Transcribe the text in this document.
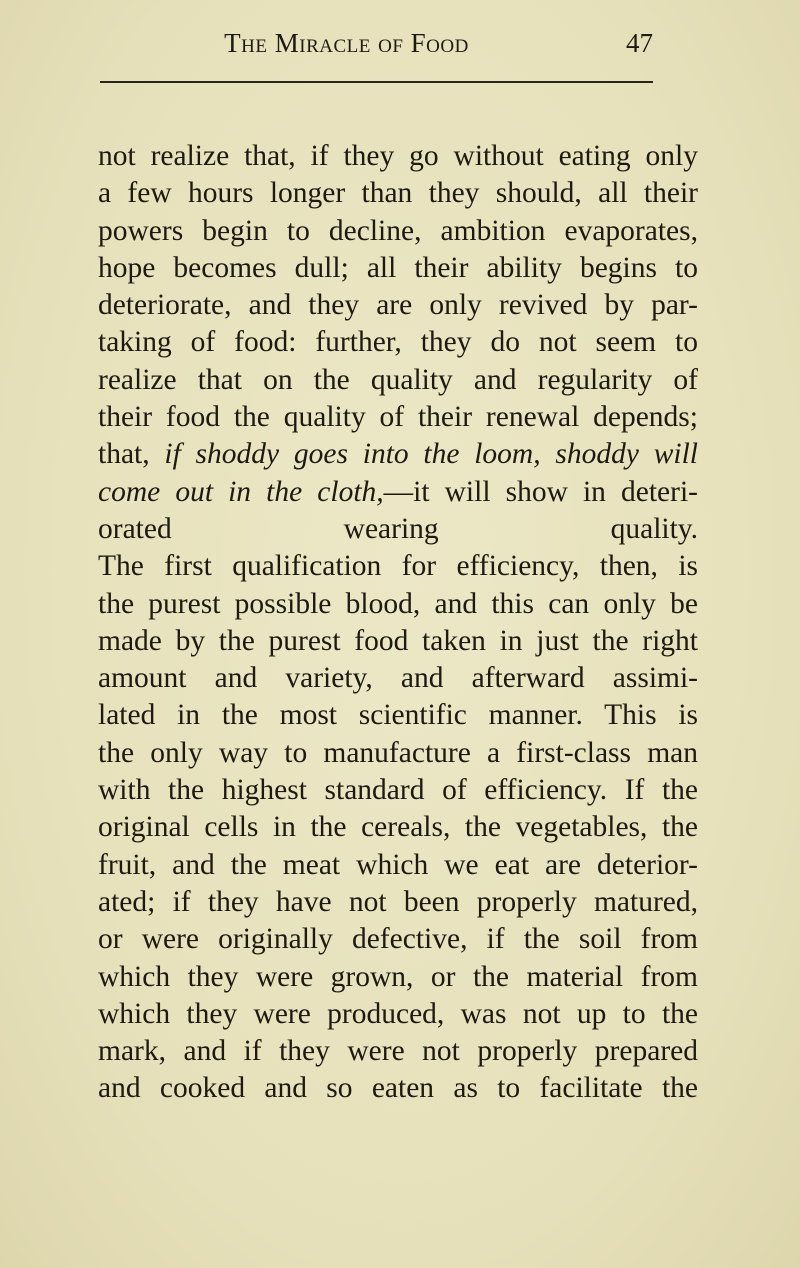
The Miracle of Food	47
not realize that, if they go without eating only
a few hours longer than they should, all their
powers begin to decline, ambition evaporates,
hope becomes dull; all their ability begins to
deteriorate, and they are only revived by par-
taking of food: further, they do not seem to
realize that on the quality and regularity of
their food the quality of their renewal depends;
that, if shoddy goes into the loom, shoddy will
come out in the cloth,—it will show in deteri-
orated wearing quality.
The first qualification for efficiency, then, is
the purest possible blood, and this can only be
made by the purest food taken in just the right
amount and variety, and afterward assimi-
lated in the most scientific manner. This is
the only way to manufacture a first-class man
with the highest standard of efficiency. If the
original cells in the cereals, the vegetables, the
fruit, and the meat which we eat are deterior-
ated; if they have not been properly matured,
or were originally defective, if the soil from
which they were grown, or the material from
which they were produced, was not up to the
mark, and if they were not properly prepared
and cooked and so eaten as to facilitate the
